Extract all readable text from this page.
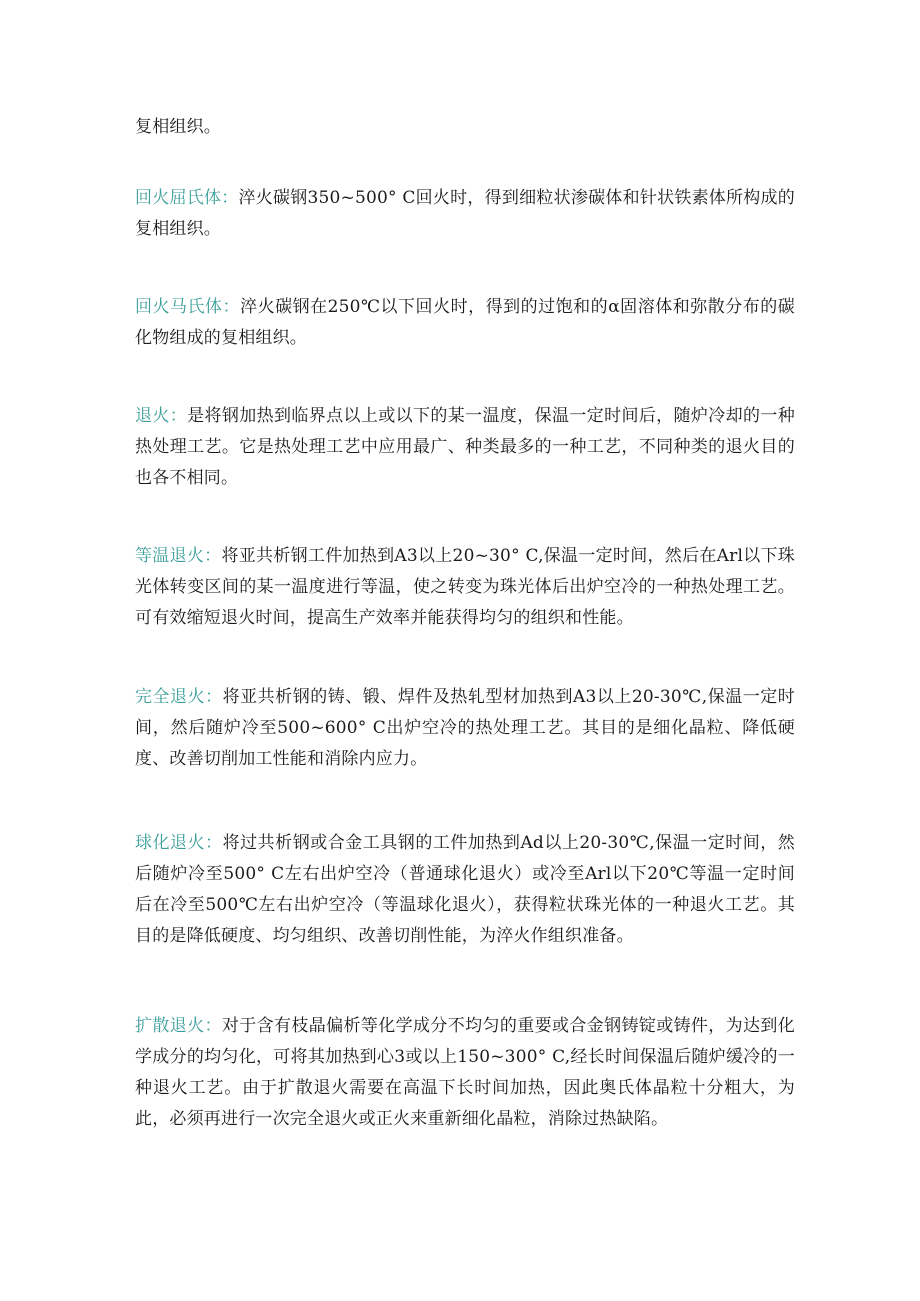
复相组织。

回火屈氏体：淬火碳钢350~500° C回火时，得到细粒状渗碳体和针状铁素体所构成的复相组织。

回火马氏体：淬火碳钢在250℃以下回火时，得到的过饱和的α固溶体和弥散分布的碳化物组成的复相组织。

退火：是将钢加热到临界点以上或以下的某一温度，保温一定时间后，随炉冷却的一种热处理工艺。它是热处理工艺中应用最广、种类最多的一种工艺，不同种类的退火目的也各不相同。

等温退火：将亚共析钢工件加热到A3以上20~30° C,保温一定时间，然后在Arl以下珠光体转变区间的某一温度进行等温，使之转变为珠光体后出炉空冷的一种热处理工艺。可有效缩短退火时间，提高生产效率并能获得均匀的组织和性能。

完全退火：将亚共析钢的铸、锻、焊件及热轧型材加热到A3以上20-30℃,保温一定时间，然后随炉冷至500~600° C出炉空冷的热处理工艺。其目的是细化晶粒、降低硬度、改善切削加工性能和消除内应力。

球化退火：将过共析钢或合金工具钢的工件加热到Ad以上20-30℃,保温一定时间，然后随炉冷至500° C左右出炉空冷（普通球化退火）或冷至Arl以下20℃等温一定时间后在冷至500℃左右出炉空冷（等温球化退火），获得粒状珠光体的一种退火工艺。其目的是降低硬度、均匀组织、改善切削性能，为淬火作组织准备。

扩散退火：对于含有枝晶偏析等化学成分不均匀的重要或合金钢铸锭或铸件，为达到化学成分的均匀化，可将其加热到心3或以上150~300° C,经长时间保温后随炉缓冷的一种退火工艺。由于扩散退火需要在高温下长时间加热，因此奥氏体晶粒十分粗大，为此，必须再进行一次完全退火或正火来重新细化晶粒，消除过热缺陷。
